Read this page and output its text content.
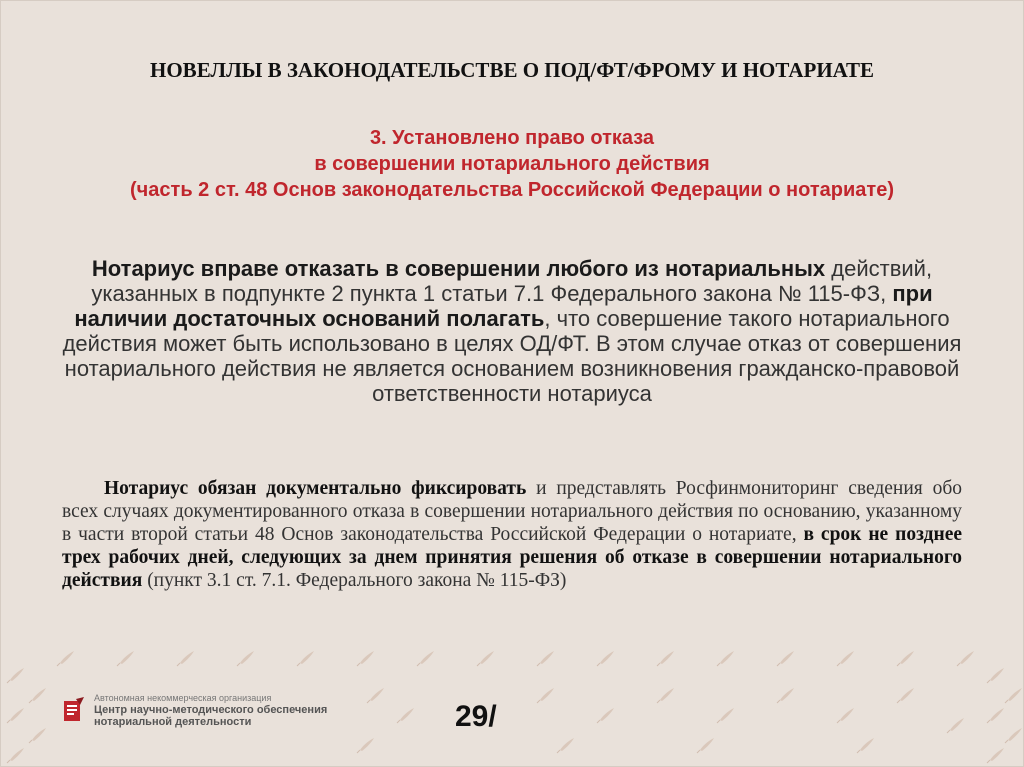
НОВЕЛЛЫ В ЗАКОНОДАТЕЛЬСТВЕ О ПОД/ФТ/ФРОМУ И НОТАРИАТЕ
3. Установлено право отказа
в совершении нотариального действия
(часть 2 ст. 48 Основ законодательства Российской Федерации о нотариате)
Нотариус вправе отказать в совершении любого из нотариальных действий, указанных в подпункте 2 пункта 1 статьи 7.1 Федерального закона № 115-ФЗ, при наличии достаточных оснований полагать, что совершение такого нотариального действия может быть использовано в целях ОД/ФТ. В этом случае отказ от совершения нотариального действия не является основанием возникновения гражданско-правовой ответственности нотариуса
Нотариус обязан документально фиксировать и представлять Росфинмониторинг сведения обо всех случаях документированного отказа в совершении нотариального действия по основанию, указанному в части второй статьи 48 Основ законодательства Российской Федерации о нотариате, в срок не позднее трех рабочих дней, следующих за днем принятия решения об отказе в совершении нотариального действия (пункт 3.1 ст. 7.1. Федерального закона № 115-ФЗ)
Автономная некоммерческая организация
Центр научно-методического обеспечения
нотариальной деятельности	29/
